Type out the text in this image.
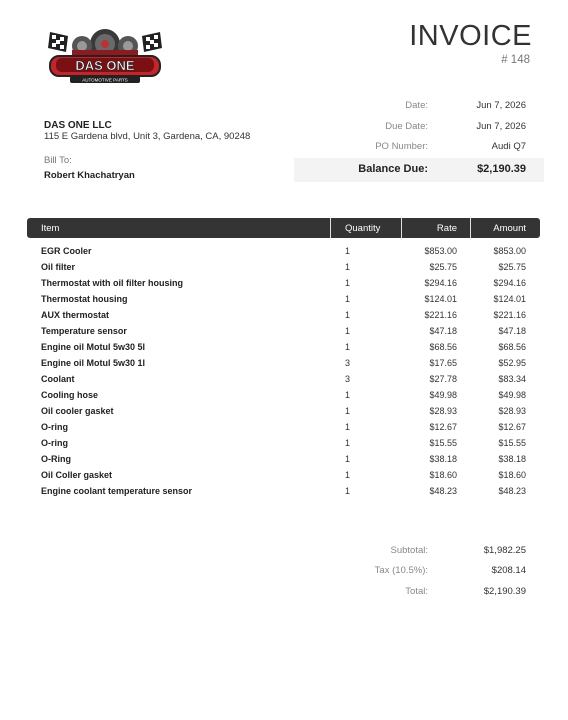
DAS ONE
AUTOMOTIVE PARTS
INVOICE
# 148
DAS ONE LLC
115 E Gardena blvd, Unit 3, Gardena, CA, 90248
Bill To:
Robert Khachatryan
Date:	Jun 7, 2026
Due Date:	Jun 7, 2026
PO Number:	Audi Q7
Balance Due:	$2,190.39
Item	Quantity	Rate	Amount
EGR Cooler	1	$853.00	$853.00
Oil filter	1	$25.75	$25.75
Thermostat with oil filter housing	1	$294.16	$294.16
Thermostat housing	1	$124.01	$124.01
AUX thermostat	1	$221.16	$221.16
Temperature sensor	1	$47.18	$47.18
Engine oil Motul 5w30 5l	1	$68.56	$68.56
Engine oil Motul 5w30 1l	3	$17.65	$52.95
Coolant	3	$27.78	$83.34
Cooling hose	1	$49.98	$49.98
Oil cooler gasket	1	$28.93	$28.93
O-ring	1	$12.67	$12.67
O-ring	1	$15.55	$15.55
O-Ring	1	$38.18	$38.18
Oil Coller gasket	1	$18.60	$18.60
Engine coolant temperature sensor	1	$48.23	$48.23
Subtotal:	$1,982.25
Tax (10.5%):	$208.14
Total:	$2,190.39
